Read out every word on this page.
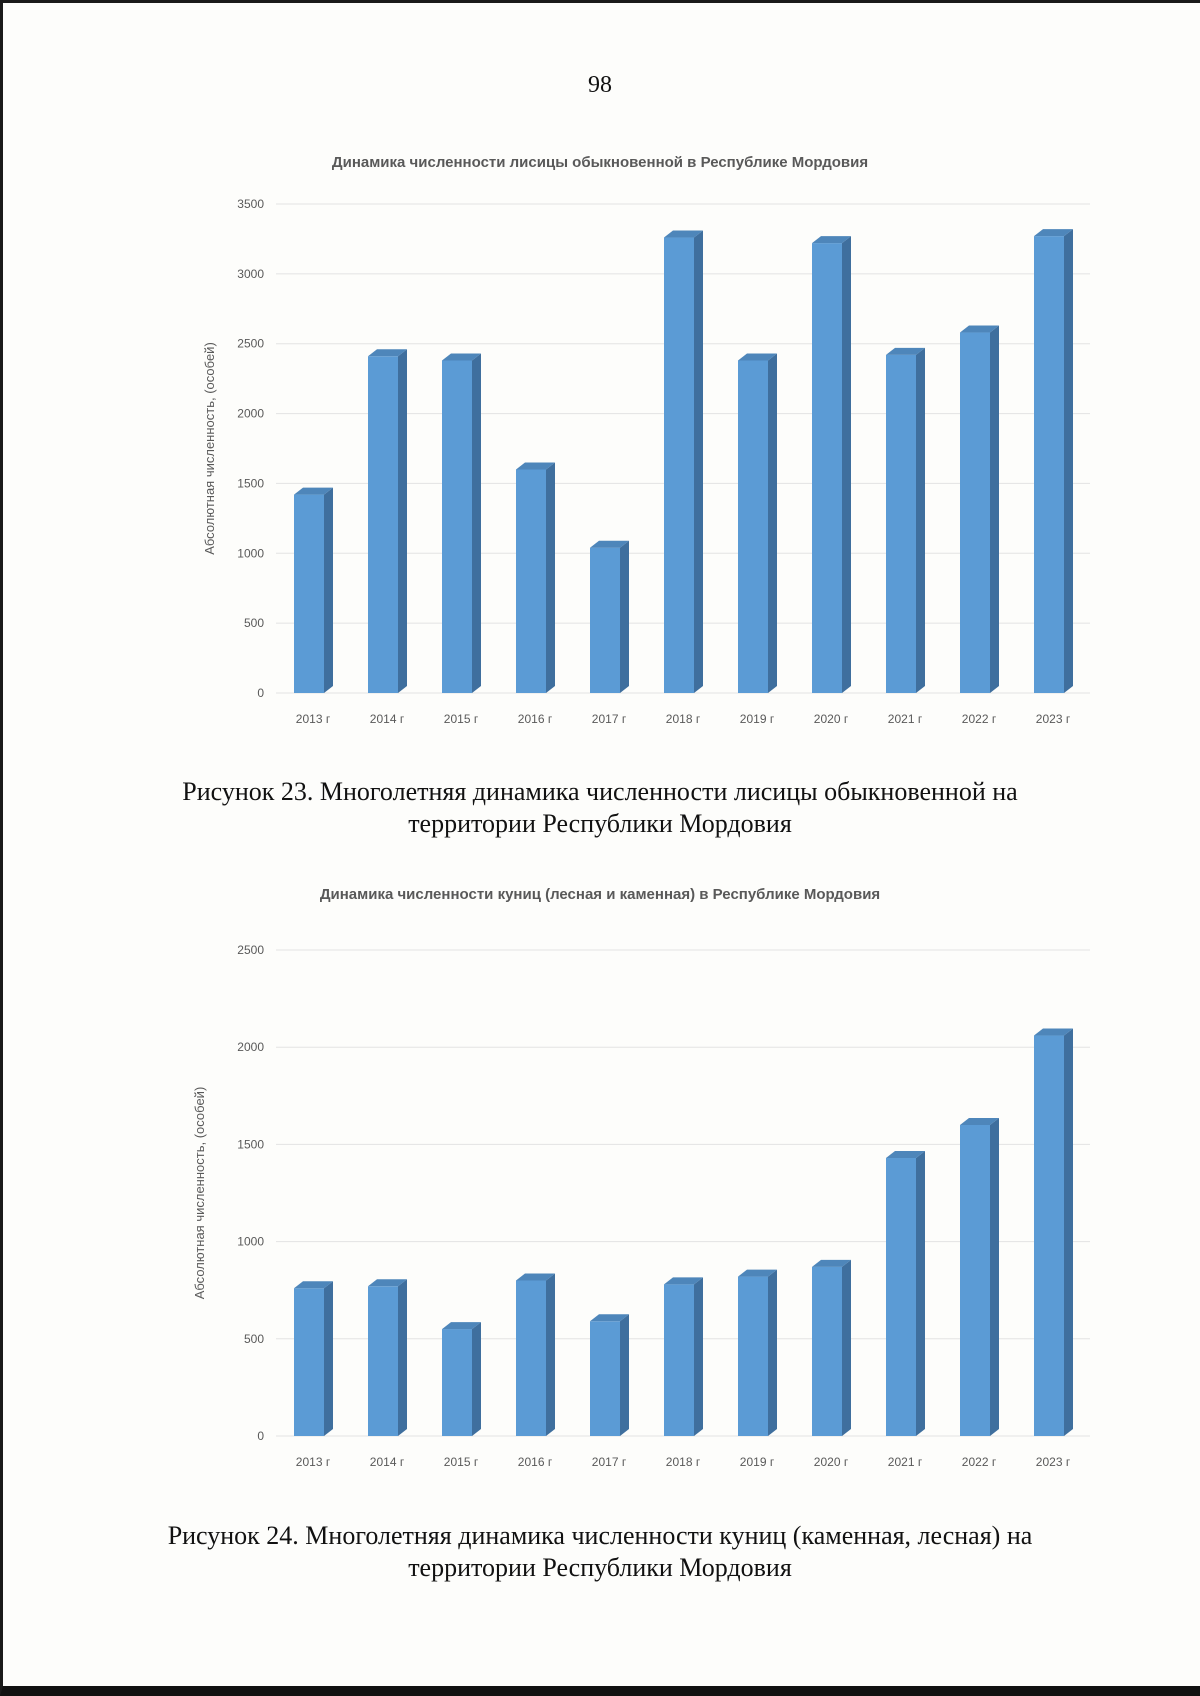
98
Динамика численности лисицы обыкновенной в Республике Мордовия
0
500
1000
1500
2000
2500
3000
3500
Абсолютная численность, (особей)
2013 г	2014 г	2015 г	2016 г	2017 г	2018 г	2019 г	2020 г	2021 г	2022 г	2023 г
Рисунок 23. Многолетняя динамика численности лисицы обыкновенной на
территории Республики Мордовия
Динамика численности куниц (лесная и каменная) в Республике Мордовия
0
500
1000
1500
2000
2500
Абсолютная численность, (особей)
2013 г	2014 г	2015 г	2016 г	2017 г	2018 г	2019 г	2020 г	2021 г	2022 г	2023 г
Рисунок 24. Многолетняя динамика численности куниц (каменная, лесная) на
территории Республики Мордовия
